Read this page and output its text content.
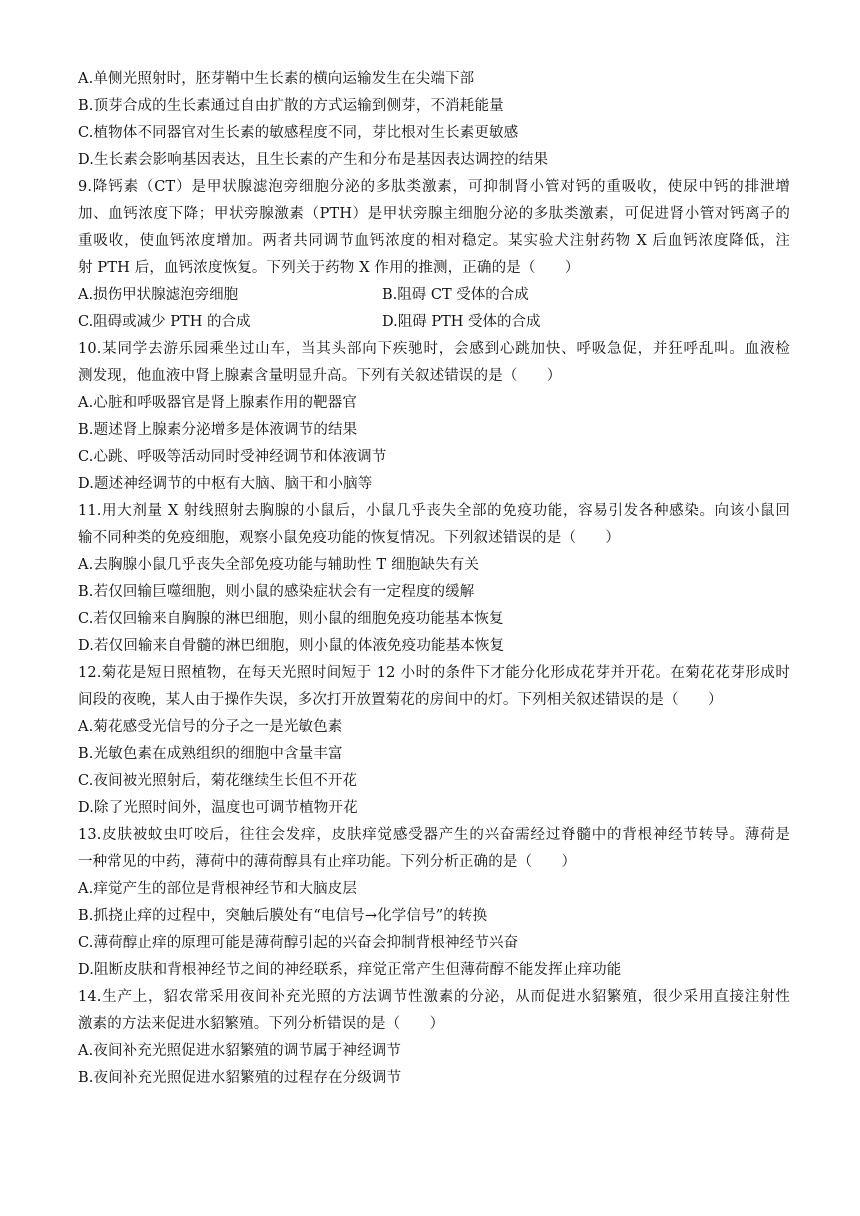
A.单侧光照射时，胚芽鞘中生长素的横向运输发生在尖端下部
B.顶芽合成的生长素通过自由扩散的方式运输到侧芽，不消耗能量
C.植物体不同器官对生长素的敏感程度不同，芽比根对生长素更敏感
D.生长素会影响基因表达，且生长素的产生和分布是基因表达调控的结果
9.降钙素（CT）是甲状腺滤泡旁细胞分泌的多肽类激素，可抑制肾小管对钙的重吸收，使尿中钙的排泄增
加、血钙浓度下降；甲状旁腺激素（PTH）是甲状旁腺主细胞分泌的多肽类激素，可促进肾小管对钙离子的
重吸收，使血钙浓度增加。两者共同调节血钙浓度的相对稳定。某实验犬注射药物 X 后血钙浓度降低，注
射 PTH 后，血钙浓度恢复。下列关于药物 X 作用的推测，正确的是（　　）
A.损伤甲状腺滤泡旁细胞	B.阻碍 CT 受体的合成
C.阻碍或减少 PTH 的合成	D.阻碍 PTH 受体的合成
10.某同学去游乐园乘坐过山车，当其头部向下疾驰时，会感到心跳加快、呼吸急促，并狂呼乱叫。血液检
测发现，他血液中肾上腺素含量明显升高。下列有关叙述错误的是（　　）
A.心脏和呼吸器官是肾上腺素作用的靶器官
B.题述肾上腺素分泌增多是体液调节的结果
C.心跳、呼吸等活动同时受神经调节和体液调节
D.题述神经调节的中枢有大脑、脑干和小脑等
11.用大剂量 X 射线照射去胸腺的小鼠后，小鼠几乎丧失全部的免疫功能，容易引发各种感染。向该小鼠回
输不同种类的免疫细胞，观察小鼠免疫功能的恢复情况。下列叙述错误的是（　　）
A.去胸腺小鼠几乎丧失全部免疫功能与辅助性 T 细胞缺失有关
B.若仅回输巨噬细胞，则小鼠的感染症状会有一定程度的缓解
C.若仅回输来自胸腺的淋巴细胞，则小鼠的细胞免疫功能基本恢复
D.若仅回输来自骨髓的淋巴细胞，则小鼠的体液免疫功能基本恢复
12.菊花是短日照植物，在每天光照时间短于 12 小时的条件下才能分化形成花芽并开花。在菊花花芽形成时
间段的夜晚，某人由于操作失误，多次打开放置菊花的房间中的灯。下列相关叙述错误的是（　　）
A.菊花感受光信号的分子之一是光敏色素
B.光敏色素在成熟组织的细胞中含量丰富
C.夜间被光照射后，菊花继续生长但不开花
D.除了光照时间外，温度也可调节植物开花
13.皮肤被蚊虫叮咬后，往往会发痒，皮肤痒觉感受器产生的兴奋需经过脊髓中的背根神经节转导。薄荷是
一种常见的中药，薄荷中的薄荷醇具有止痒功能。下列分析正确的是（　　）
A.痒觉产生的部位是背根神经节和大脑皮层
B.抓挠止痒的过程中，突触后膜处有“电信号→化学信号”的转换
C.薄荷醇止痒的原理可能是薄荷醇引起的兴奋会抑制背根神经节兴奋
D.阻断皮肤和背根神经节之间的神经联系，痒觉正常产生但薄荷醇不能发挥止痒功能
14.生产上，貂农常采用夜间补充光照的方法调节性激素的分泌，从而促进水貂繁殖，很少采用直接注射性
激素的方法来促进水貂繁殖。下列分析错误的是（　　）
A.夜间补充光照促进水貂繁殖的调节属于神经调节
B.夜间补充光照促进水貂繁殖的过程存在分级调节
